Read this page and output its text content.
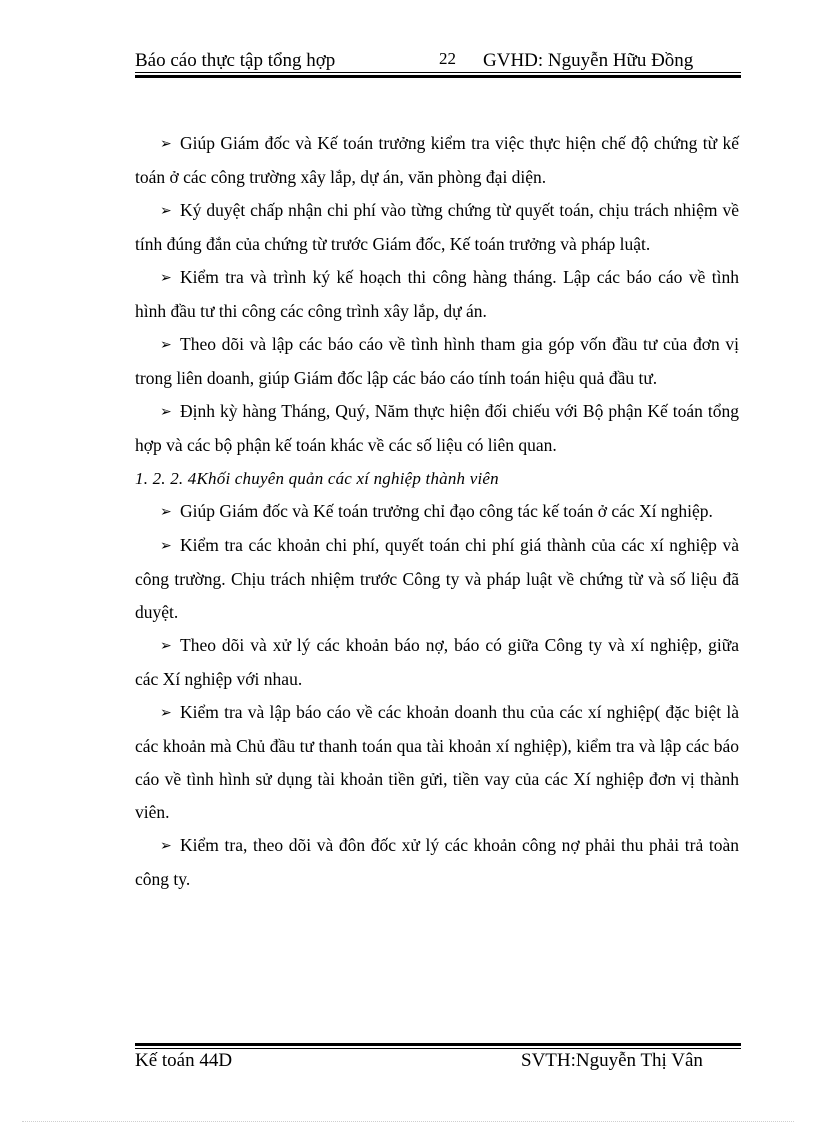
Báo cáo thực tập tổng hợp	22 GVHD: Nguyễn Hữu Đồng

➢ Giúp Giám đốc và Kế toán trưởng kiểm tra việc thực hiện chế độ chứng từ kế toán ở các công trường xây lắp, dự án, văn phòng đại diện.

➢ Ký duyệt chấp nhận chi phí vào từng chứng từ quyết toán, chịu trách nhiệm về tính đúng đắn của chứng từ trước Giám đốc, Kế toán trưởng và pháp luật.

➢ Kiểm tra và trình ký kế hoạch thi công hàng tháng. Lập các báo cáo về tình hình đầu tư thi công các công trình xây lắp, dự án.

➢ Theo dõi và lập các báo cáo về tình hình tham gia góp vốn đầu tư của đơn vị trong liên doanh, giúp Giám đốc lập các báo cáo tính toán hiệu quả đầu tư.

➢ Định kỳ hàng Tháng, Quý, Năm thực hiện đối chiếu với Bộ phận Kế toán tổng hợp và các bộ phận kế toán khác về các số liệu có liên quan.

1. 2. 2. 4Khối chuyên quản các xí nghiệp thành viên

➢ Giúp Giám đốc và Kế toán trưởng chỉ đạo công tác kế toán ở các Xí nghiệp.

➢ Kiểm tra các khoản chi phí, quyết toán chi phí giá thành của các xí nghiệp và công trường. Chịu trách nhiệm trước Công ty và pháp luật về chứng từ và số liệu đã duyệt.

➢ Theo dõi và xử lý các khoản báo nợ, báo có giữa Công ty và xí nghiệp, giữa các Xí nghiệp với nhau.

➢ Kiểm tra và lập báo cáo về các khoản doanh thu của các xí nghiệp( đặc biệt là các khoản mà Chủ đầu tư thanh toán qua tài khoản xí nghiệp), kiểm tra và lập các báo cáo về tình hình sử dụng tài khoản tiền gửi, tiền vay của các Xí nghiệp đơn vị thành viên.

➢ Kiểm tra, theo dõi và đôn đốc xử lý các khoản công nợ phải thu phải trả toàn công ty.

Kế toán 44D	SVTH:Nguyễn Thị Vân
